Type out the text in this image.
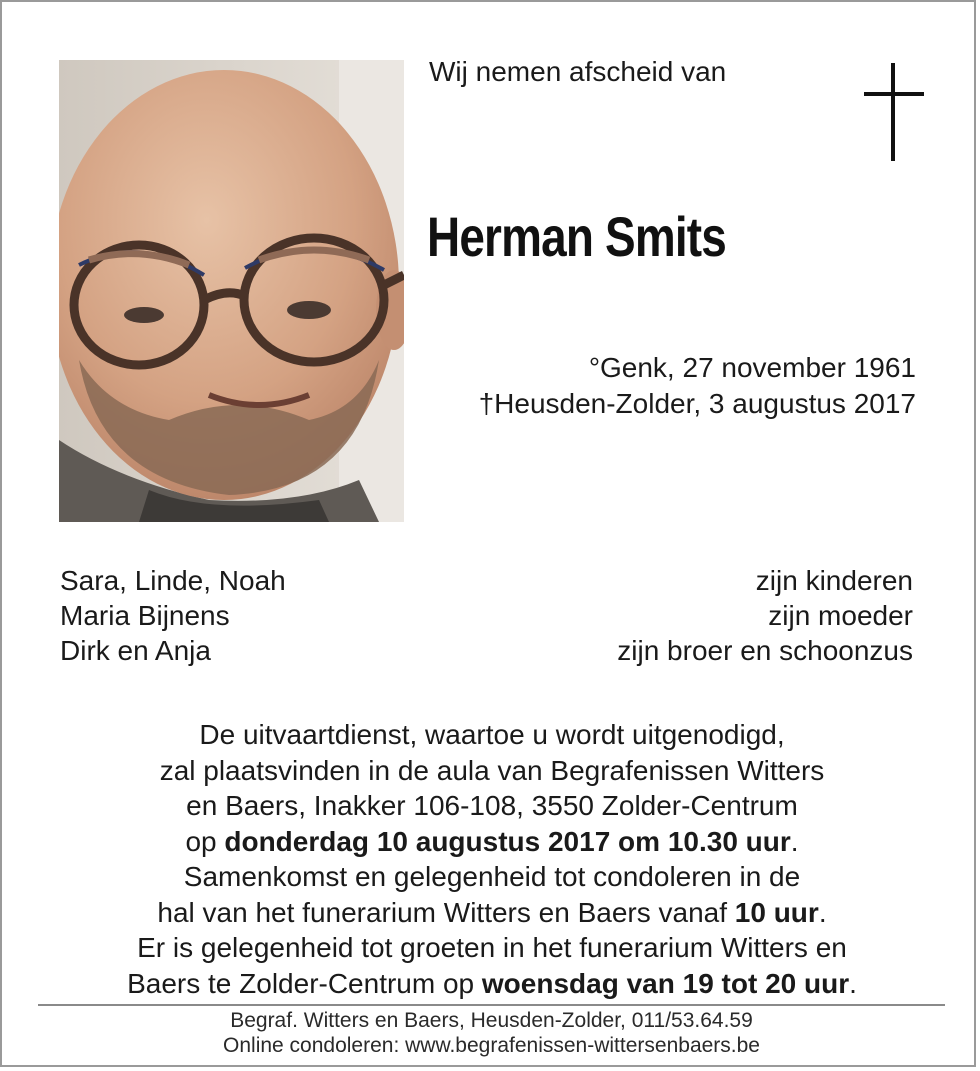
Wij nemen afscheid van
Herman Smits
°Genk, 27 november 1961
†Heusden-Zolder, 3 augustus 2017
Sara, Linde, Noah	zijn kinderen
Maria Bijnens	zijn moeder
Dirk en Anja	zijn broer en schoonzus
De uitvaartdienst, waartoe u wordt uitgenodigd,
zal plaatsvinden in de aula van Begrafenissen Witters
en Baers, Inakker 106-108, 3550 Zolder-Centrum
op donderdag 10 augustus 2017 om 10.30 uur.
Samenkomst en gelegenheid tot condoleren in de
hal van het funerarium Witters en Baers vanaf 10 uur.
Er is gelegenheid tot groeten in het funerarium Witters en
Baers te Zolder-Centrum op woensdag van 19 tot 20 uur.
Begraf. Witters en Baers, Heusden-Zolder, 011/53.64.59
Online condoleren: www.begrafenissen-wittersenbaers.be
